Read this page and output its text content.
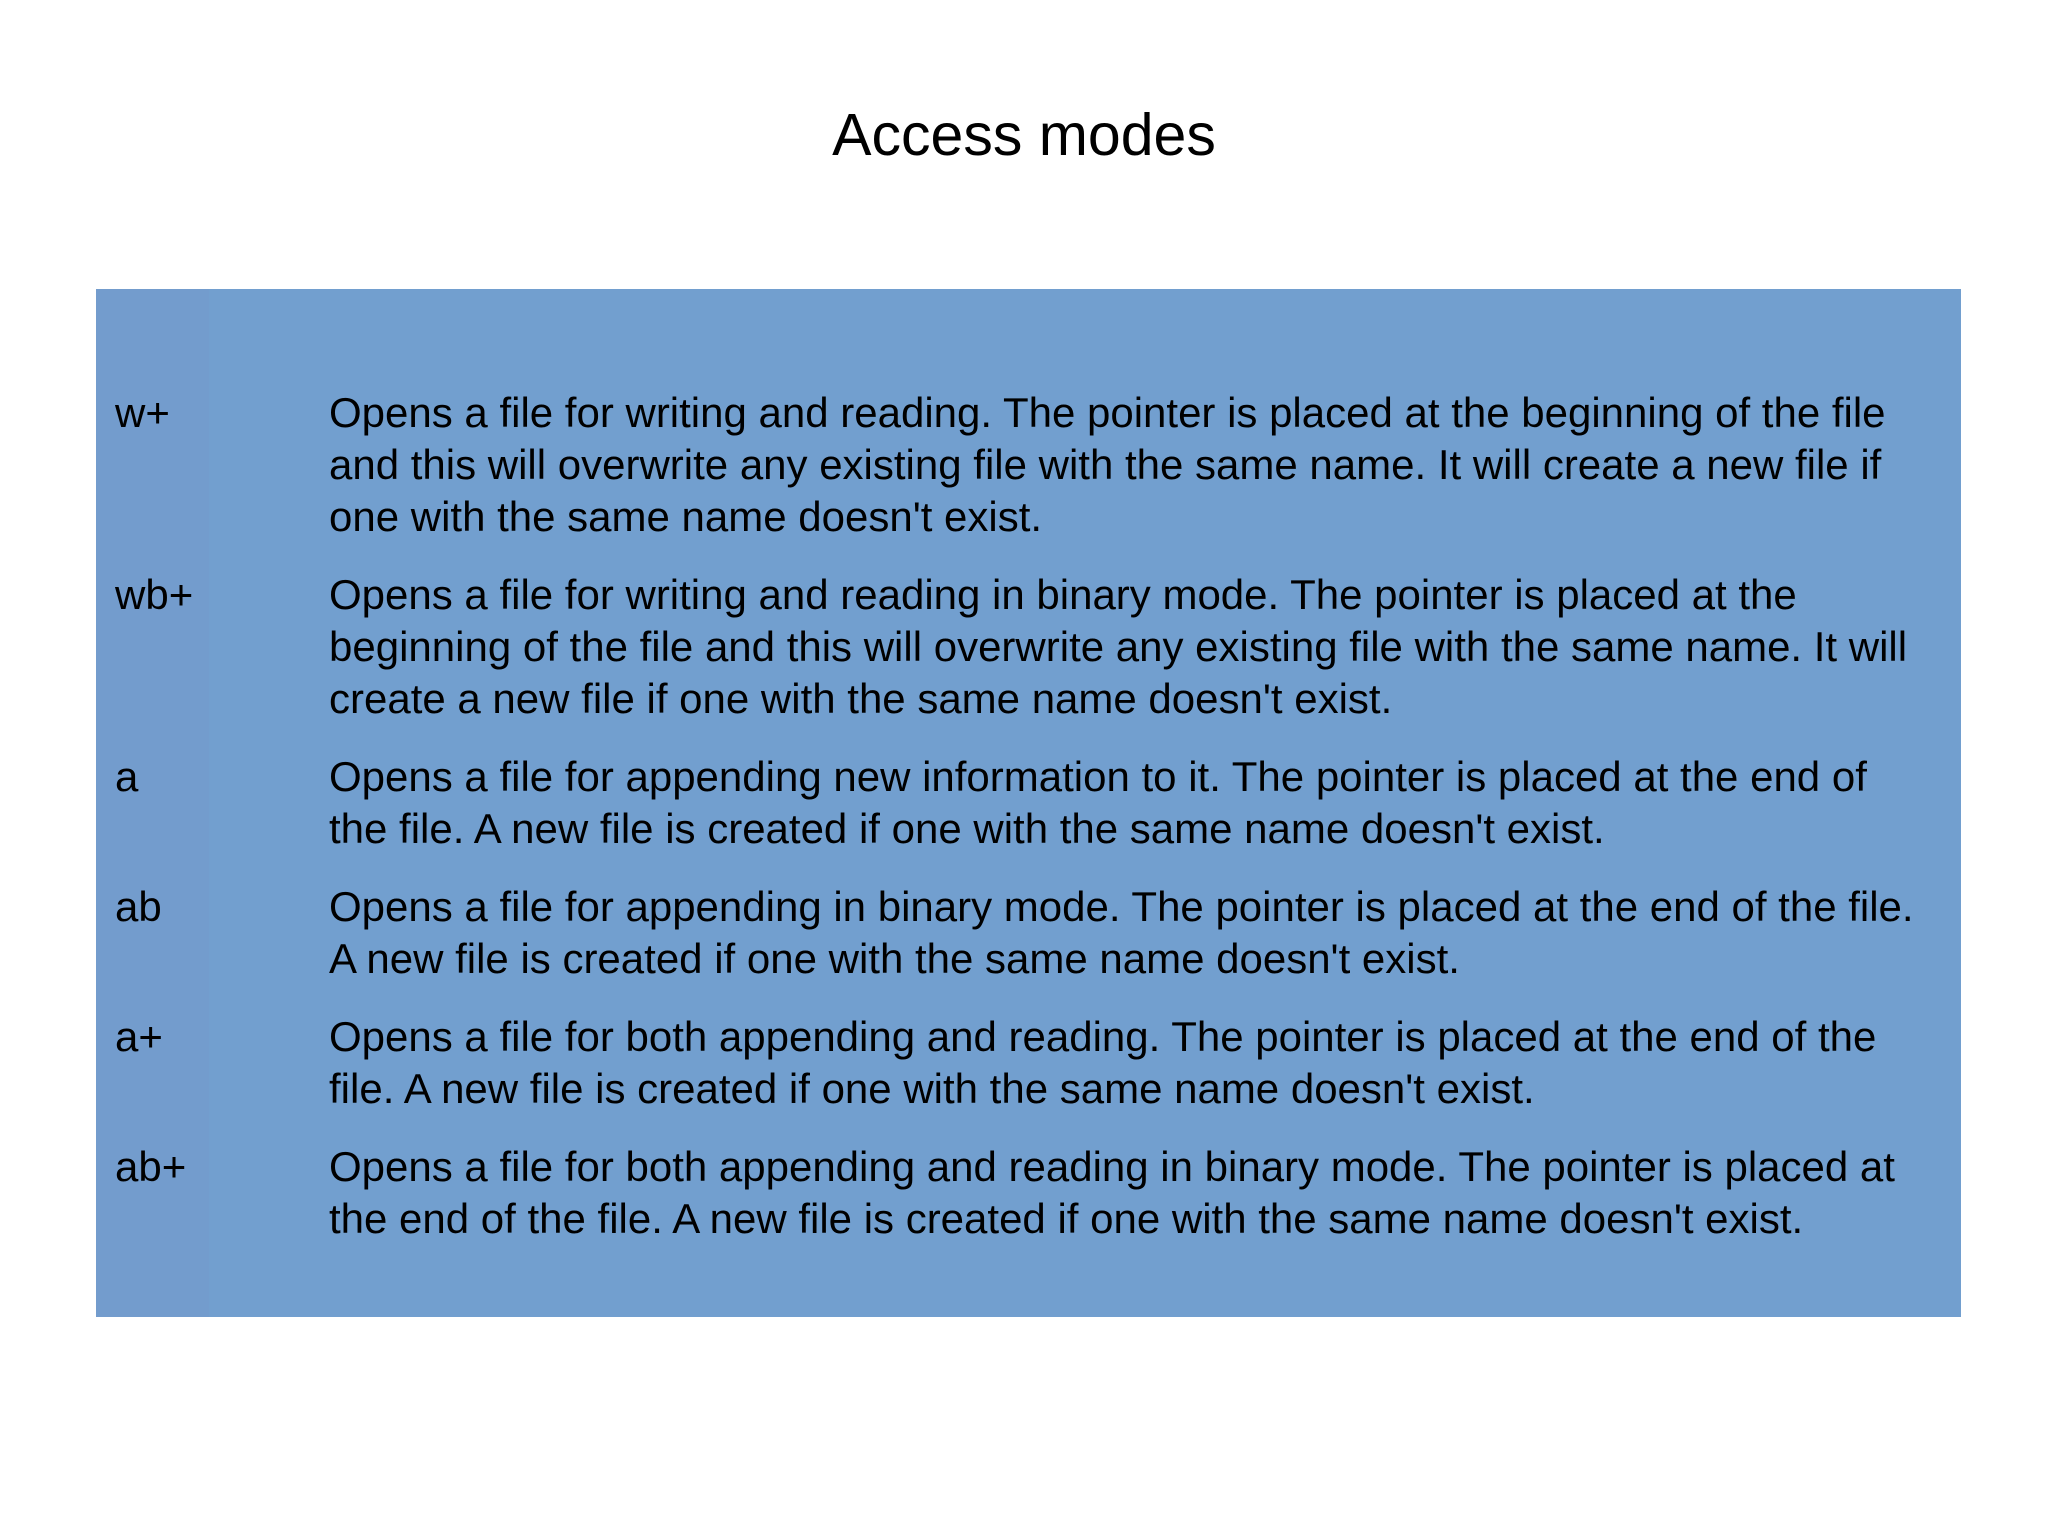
Access modes
w+	Opens a file for writing and reading. The pointer is placed at the beginning of the file and this will overwrite any existing file with the same name. It will create a new file if one with the same name doesn't exist.
wb+	Opens a file for writing and reading in binary mode. The pointer is placed at the beginning of the file and this will overwrite any existing file with the same name. It will create a new file if one with the same name doesn't exist.
a	Opens a file for appending new information to it. The pointer is placed at the end of the file. A new file is created if one with the same name doesn't exist.
ab	Opens a file for appending in binary mode. The pointer is placed at the end of the file. A new file is created if one with the same name doesn't exist.
a+	Opens a file for both appending and reading. The pointer is placed at the end of the file. A new file is created if one with the same name doesn't exist.
ab+	Opens a file for both appending and reading in binary mode. The pointer is placed at the end of the file. A new file is created if one with the same name doesn't exist.
